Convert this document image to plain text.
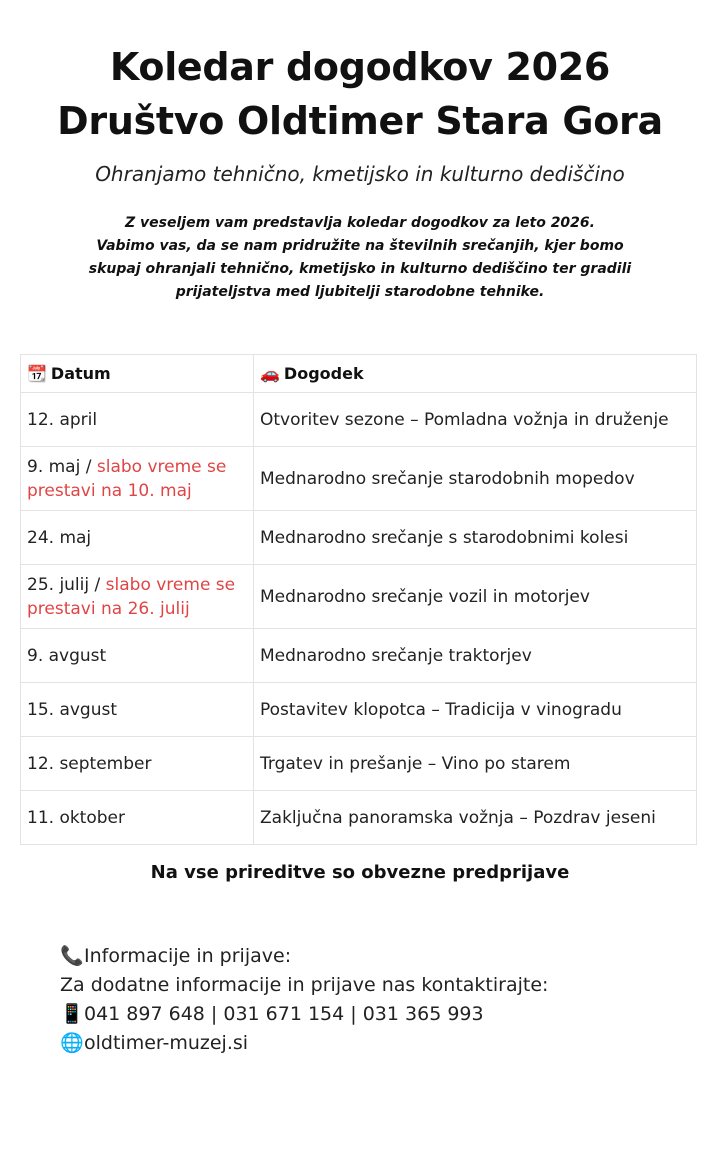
Koledar dogodkov 2026
Društvo Oldtimer Stara Gora

Ohranjamo tehnično, kmetijsko in kulturno dediščino

Z veseljem vam predstavlja koledar dogodkov za leto 2026.
Vabimo vas, da se nam pridružite na številnih srečanjih, kjer bomo
skupaj ohranjali tehnično, kmetijsko in kulturno dediščino ter gradili
prijateljstva med ljubitelji starodobne tehnike.
📆 Datum	🚗 Dogodek
12. april	Otvoritev sezone – Pomladna vožnja in druženje
9. maj / slabo vreme se prestavi na 10. maj	Mednarodno srečanje starodobnih mopedov
24. maj	Mednarodno srečanje s starodobnimi kolesi
25. julij / slabo vreme se prestavi na 26. julij	Mednarodno srečanje vozil in motorjev
9. avgust	Mednarodno srečanje traktorjev
15. avgust	Postavitev klopotca – Tradicija v vinogradu
12. september	Trgatev in prešanje – Vino po starem
11. oktober	Zaključna panoramska vožnja – Pozdrav jeseni
Na vse prireditve so obvezne predprijave
📞Informacije in prijave:
Za dodatne informacije in prijave nas kontaktirajte:
📱041 897 648 | 031 671 154 | 031 365 993
🌐oldtimer-muzej.si
